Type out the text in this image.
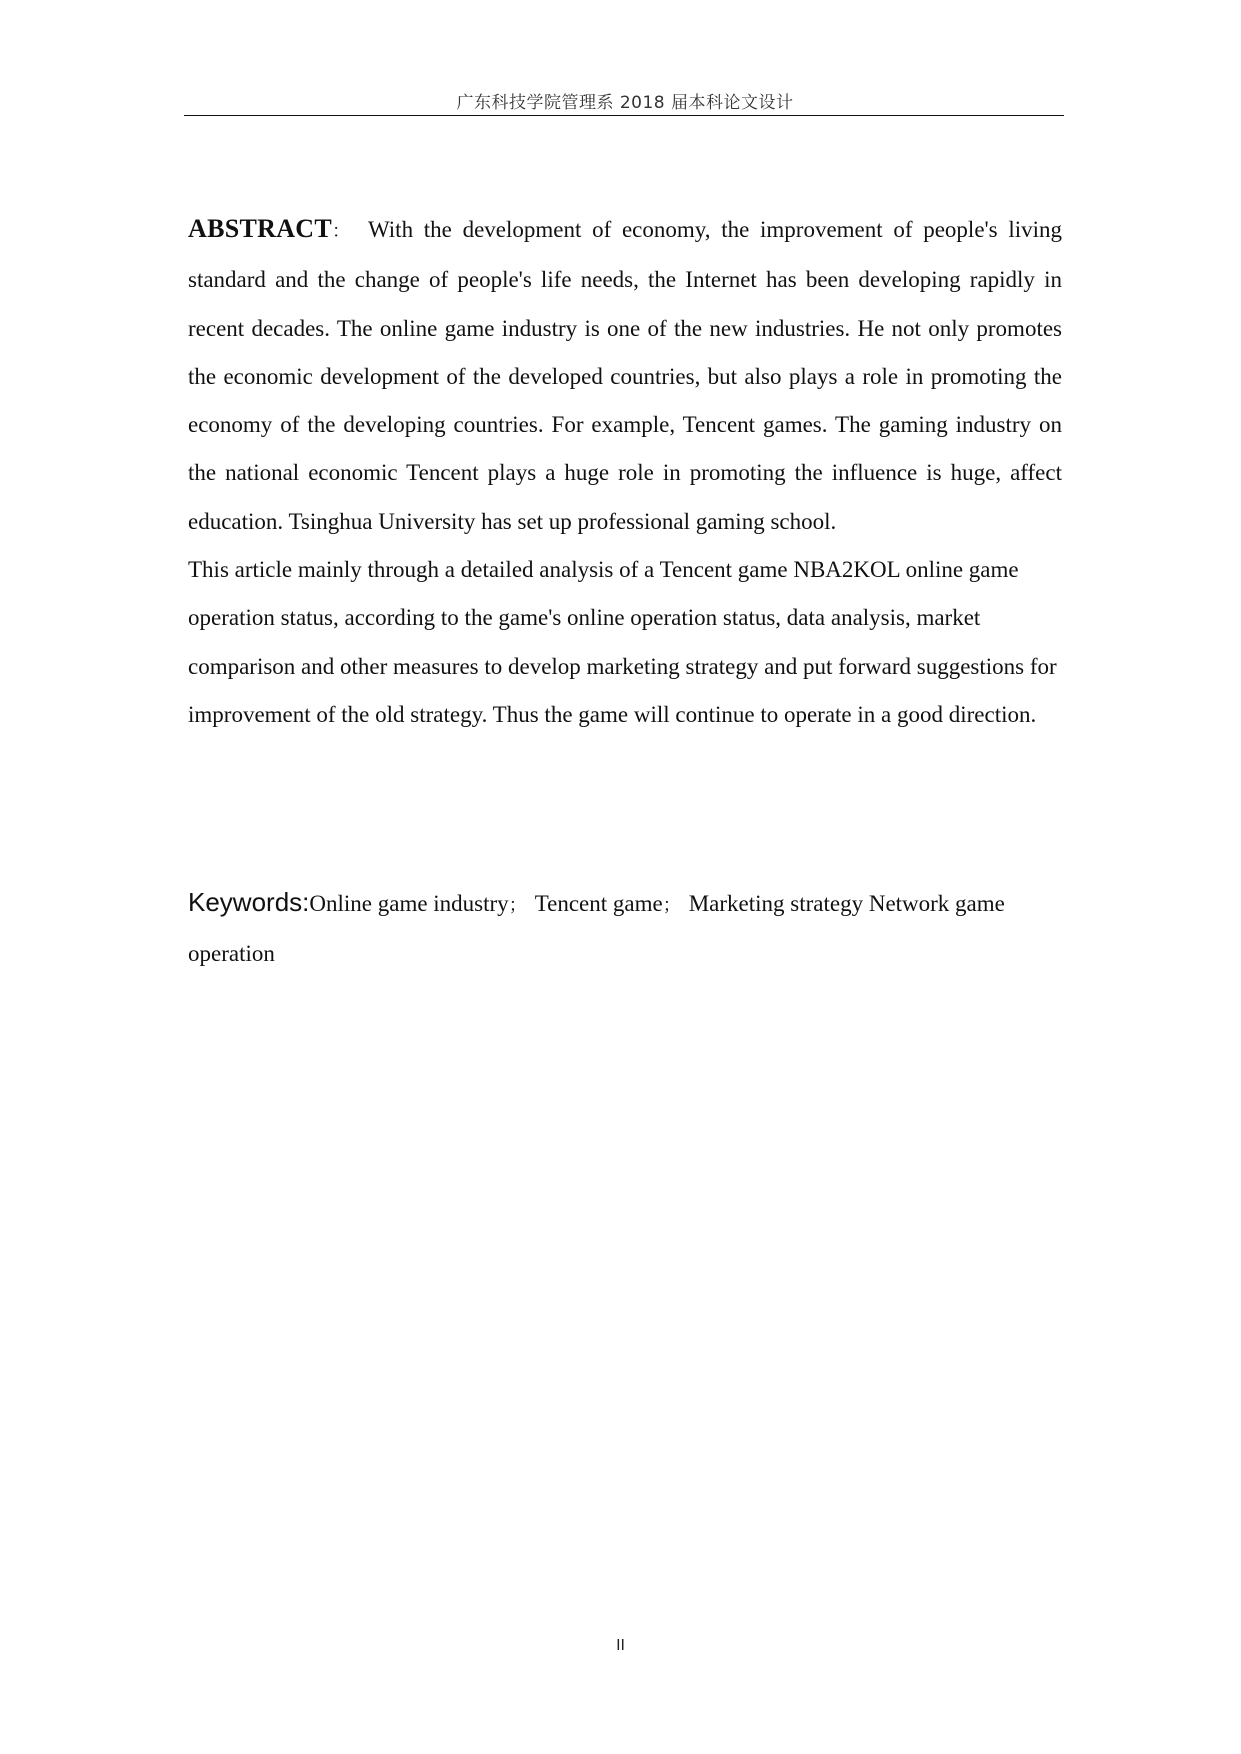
广东科技学院管理系 2018 届本科论文设计

ABSTRACT： With the development of economy, the improvement of people's living standard and the change of people's life needs, the Internet has been developing rapidly in recent decades. The online game industry is one of the new industries. He not only promotes the economic development of the developed countries, but also plays a role in promoting the economy of the developing countries. For example, Tencent games. The gaming industry on the national economic Tencent plays a huge role in promoting the influence is huge, affect education. Tsinghua University has set up professional gaming school.

This article mainly through a detailed analysis of a Tencent game NBA2KOL online game operation status, according to the game's online operation status, data analysis, market comparison and other measures to develop marketing strategy and put forward suggestions for improvement of the old strategy. Thus the game will continue to operate in a good direction.

Keywords:Online game industry； Tencent game； Marketing strategy Network game operation
II
